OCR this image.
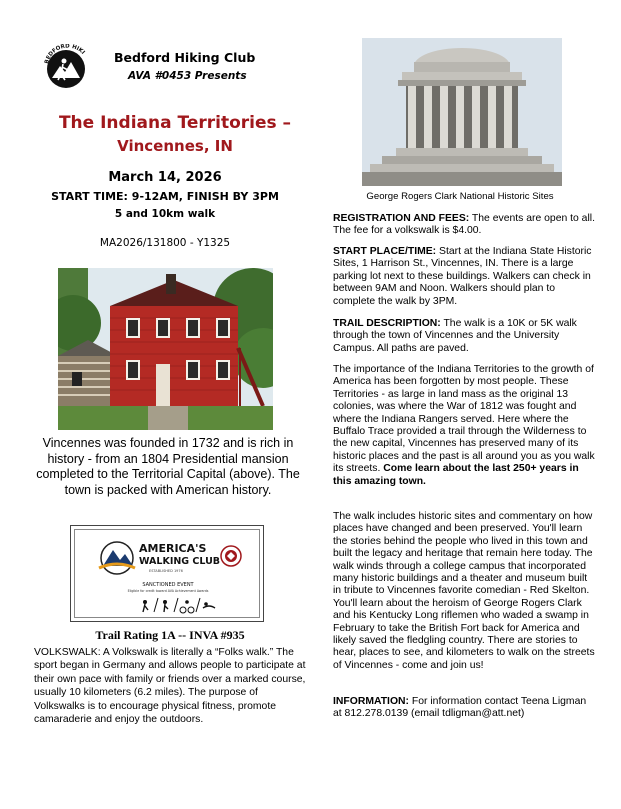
BEDFORD HIKI Bedford Hiking Club
AVA #0453 Presents
The Indiana Territories –
Vincennes, IN
March 14, 2026
START TIME: 9-12AM, FINISH BY 3PM
5 and 10km walk
MA2026/131800 - Y1325
Vincennes was founded in 1732 and is rich in history - from an 1804 Presidential mansion completed to the Territorial Capital (above). The town is packed with American history.
AMERICA'S
WALKING CLUB
ESTABLISHED 1976
SANCTIONED EVENT
Eligible for credit toward AVA Achievement Awards
Trail Rating 1A -- INVA #935
VOLKSWALK: A Volkswalk is literally a “Folks walk.” The sport began in Germany and allows people to participate at their own pace with family or friends over a marked course, usually 10 kilometers (6.2 miles). The purpose of Volkswalks is to encourage physical fitness, promote camaraderie and enjoy the outdoors.
George Rogers Clark National Historic Sites
REGISTRATION AND FEES: The events are open to all. The fee for a volkswalk is $4.00.
START PLACE/TIME: Start at the Indiana State Historic Sites, 1 Harrison St., Vincennes, IN. There is a large parking lot next to these buildings. Walkers can check in between 9AM and Noon. Walkers should plan to complete the walk by 3PM.
TRAIL DESCRIPTION: The walk is a 10K or 5K walk through the town of Vincennes and the University Campus. All paths are paved.
The importance of the Indiana Territories to the growth of America has been forgotten by most people. These Territories - as large in land mass as the original 13 colonies, was where the War of 1812 was fought and where the Indiana Rangers served. Here where the Buffalo Trace provided a trail through the Wilderness to the new capital, Vincennes has preserved many of its historic places and the past is all around you as you walk its streets. Come learn about the last 250+ years in this amazing town.
The walk includes historic sites and commentary on how places have changed and been preserved. You'll learn the stories behind the people who lived in this town and built the legacy and heritage that remain here today. The walk winds through a college campus that incorporated many historic buildings and a theater and museum built in tribute to Vincennes favorite comedian - Red Skelton. You'll learn about the heroism of George Rogers Clark and his Kentucky Long riflemen who waded a swamp in February to take the British Fort back for America and likely saved the fledgling country. There are stories to hear, places to see, and kilometers to walk on the streets of Vincennes - come and join us!
INFORMATION: For information contact Teena Ligman at 812.278.0139 (email tdligman@att.net)
